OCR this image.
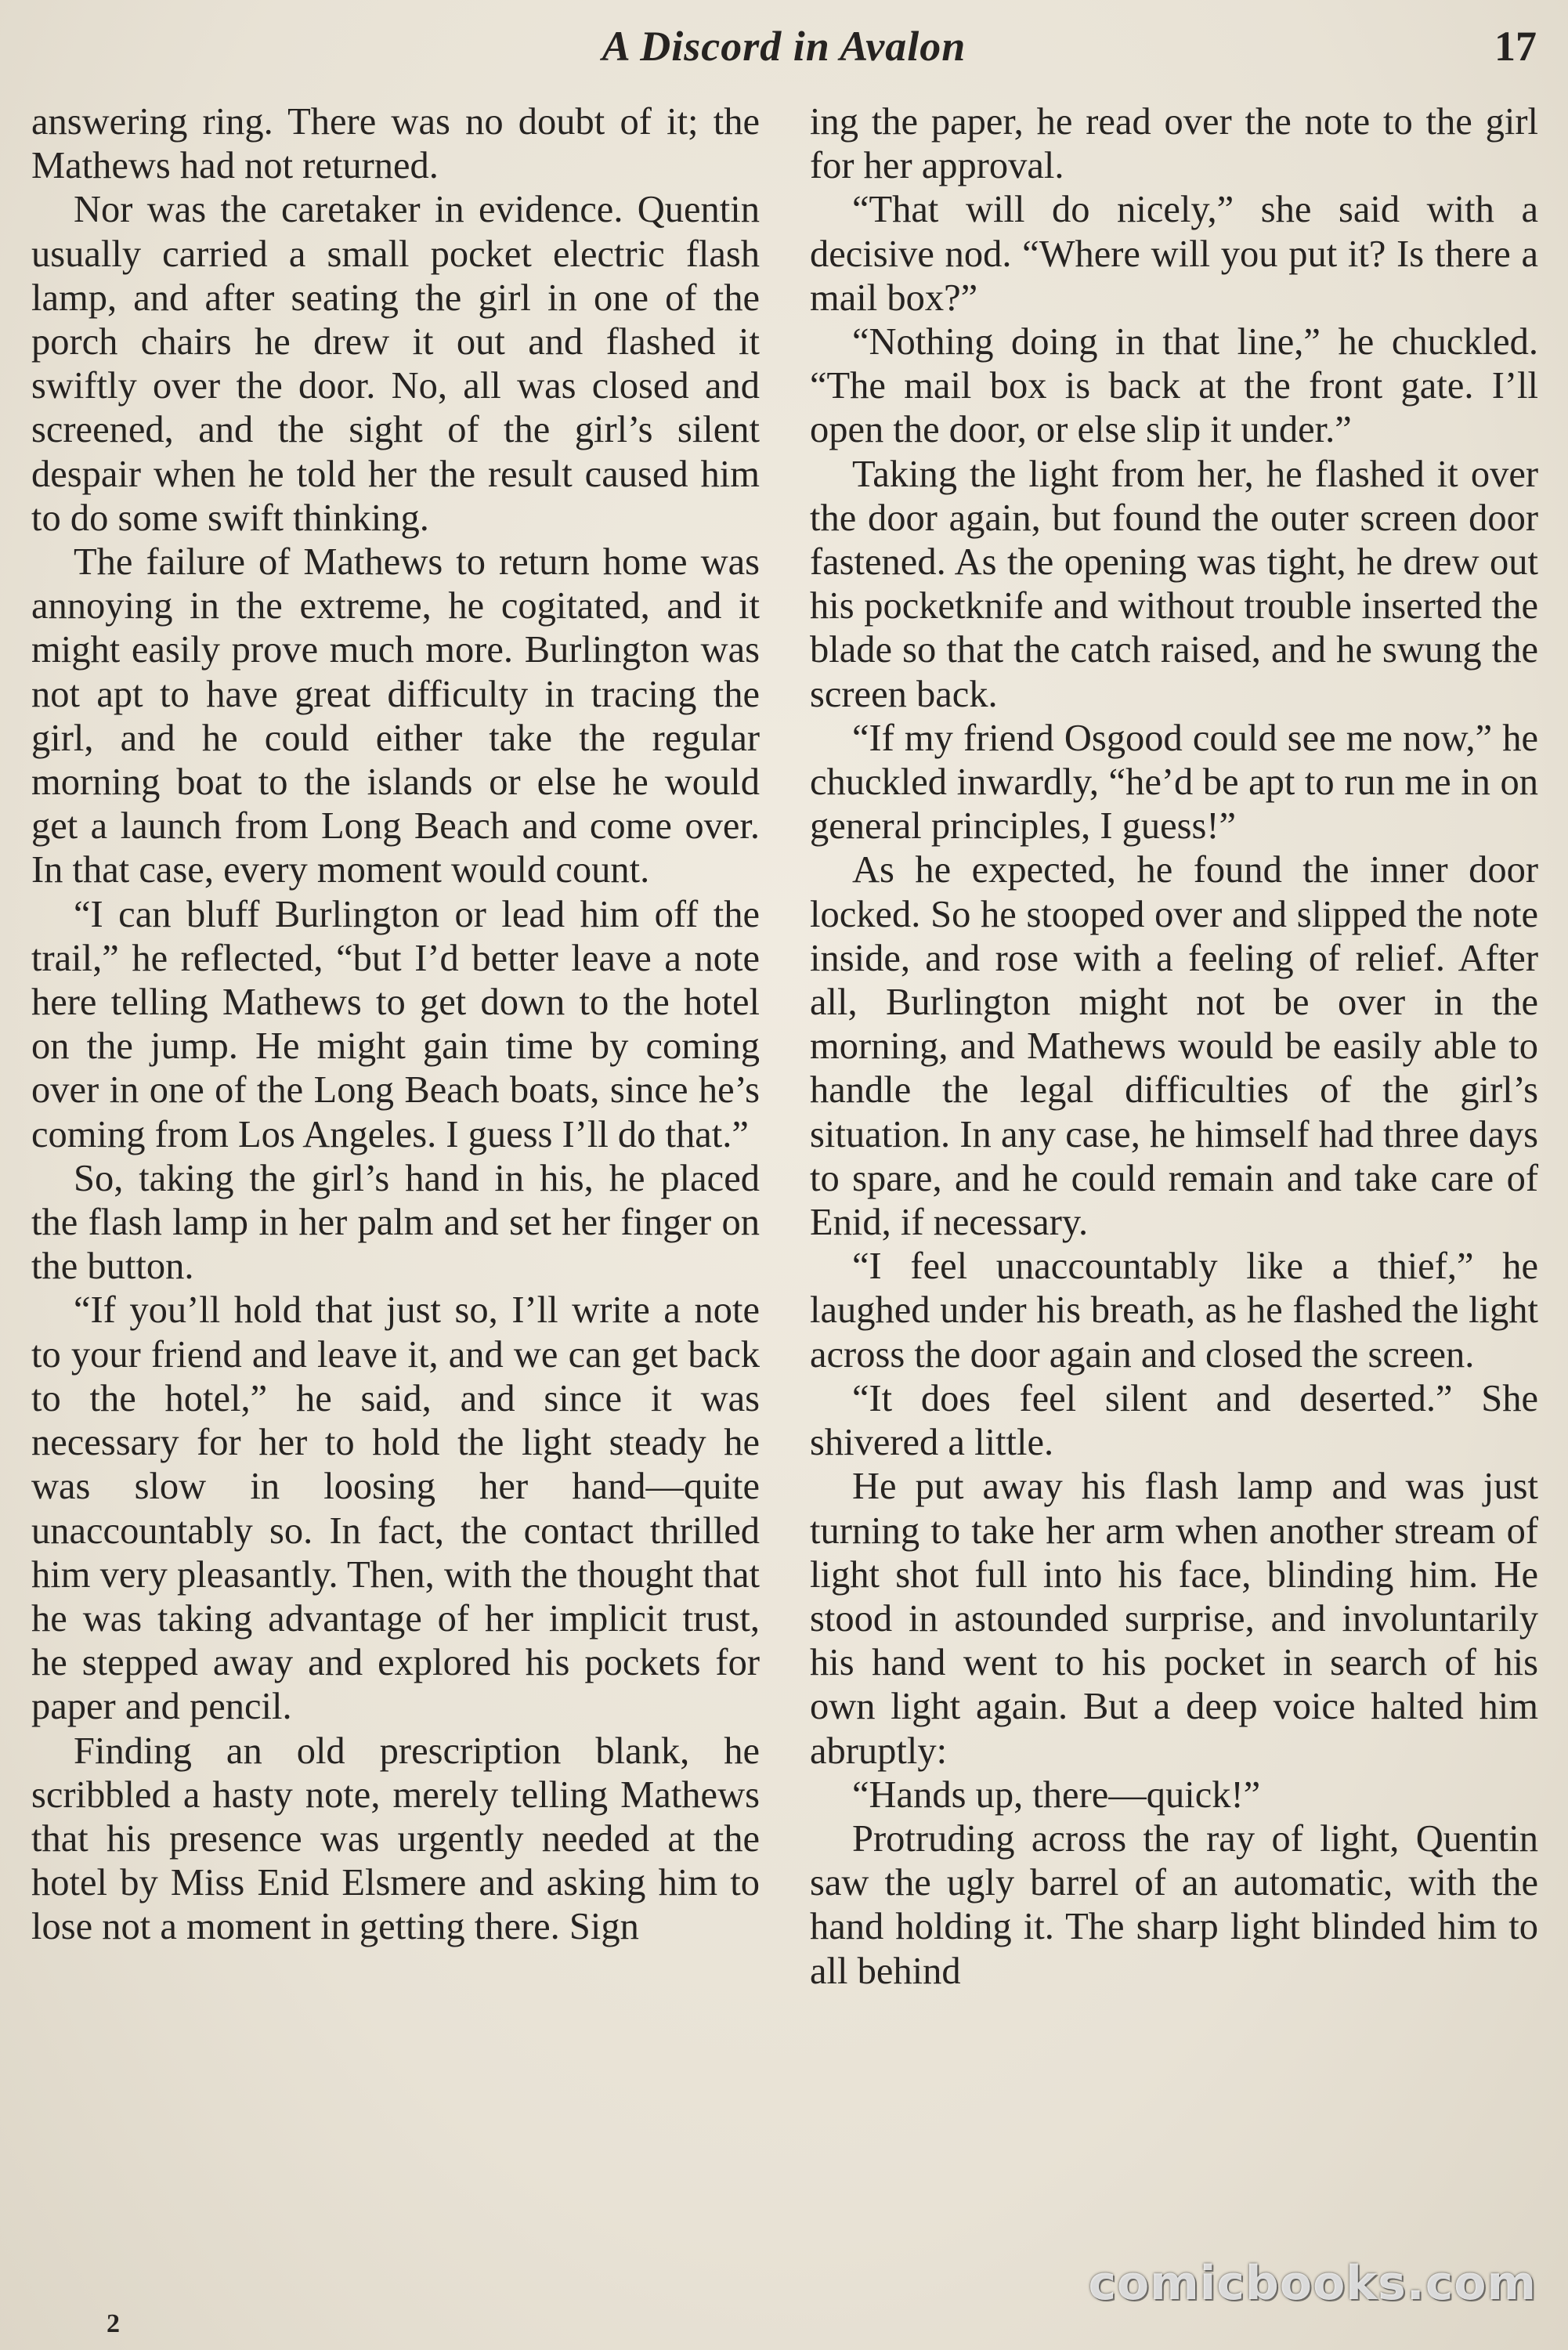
A Discord in Avalon	17

answering ring. There was no doubt of it; the Mathews had not returned.

Nor was the caretaker in evidence. Quentin usually carried a small pocket electric flash lamp, and after seating the girl in one of the porch chairs he drew it out and flashed it swiftly over the door. No, all was closed and screened, and the sight of the girl’s silent despair when he told her the result caused him to do some swift thinking.

The failure of Mathews to return home was annoying in the extreme, he cogitated, and it might easily prove much more. Burlington was not apt to have great difficulty in tracing the girl, and he could either take the regular morning boat to the islands or else he would get a launch from Long Beach and come over. In that case, every moment would count.

“I can bluff Burlington or lead him off the trail,” he reflected, “but I’d better leave a note here telling Mathews to get down to the hotel on the jump. He might gain time by coming over in one of the Long Beach boats, since he’s coming from Los Angeles. I guess I’ll do that.”

So, taking the girl’s hand in his, he placed the flash lamp in her palm and set her finger on the button.

“If you’ll hold that just so, I’ll write a note to your friend and leave it, and we can get back to the hotel,” he said, and since it was necessary for her to hold the light steady he was slow in loosing her hand—quite unaccountably so. In fact, the contact thrilled him very pleasantly. Then, with the thought that he was taking advantage of her implicit trust, he stepped away and explored his pockets for paper and pencil.

Finding an old prescription blank, he scribbled a hasty note, merely telling Mathews that his presence was urgently needed at the hotel by Miss Enid Elsmere and asking him to lose not a moment in getting there. Sign

ing the paper, he read over the note to the girl for her approval.

“That will do nicely,” she said with a decisive nod. “Where will you put it? Is there a mail box?”

“Nothing doing in that line,” he chuckled. “The mail box is back at the front gate. I’ll open the door, or else slip it under.”

Taking the light from her, he flashed it over the door again, but found the outer screen door fastened. As the opening was tight, he drew out his pocketknife and without trouble inserted the blade so that the catch raised, and he swung the screen back.

“If my friend Osgood could see me now,” he chuckled inwardly, “he’d be apt to run me in on general principles, I guess!”

As he expected, he found the inner door locked. So he stooped over and slipped the note inside, and rose with a feeling of relief. After all, Burlington might not be over in the morning, and Mathews would be easily able to handle the legal difficulties of the girl’s situation. In any case, he himself had three days to spare, and he could remain and take care of Enid, if necessary.

“I feel unaccountably like a thief,” he laughed under his breath, as he flashed the light across the door again and closed the screen.

“It does feel silent and deserted.” She shivered a little.

He put away his flash lamp and was just turning to take her arm when another stream of light shot full into his face, blinding him. He stood in astounded surprise, and involuntarily his hand went to his pocket in search of his own light again. But a deep voice halted him abruptly:

“Hands up, there—quick!”

Protruding across the ray of light, Quentin saw the ugly barrel of an automatic, with the hand holding it. The sharp light blinded him to all behind

2
comicbooks.com
